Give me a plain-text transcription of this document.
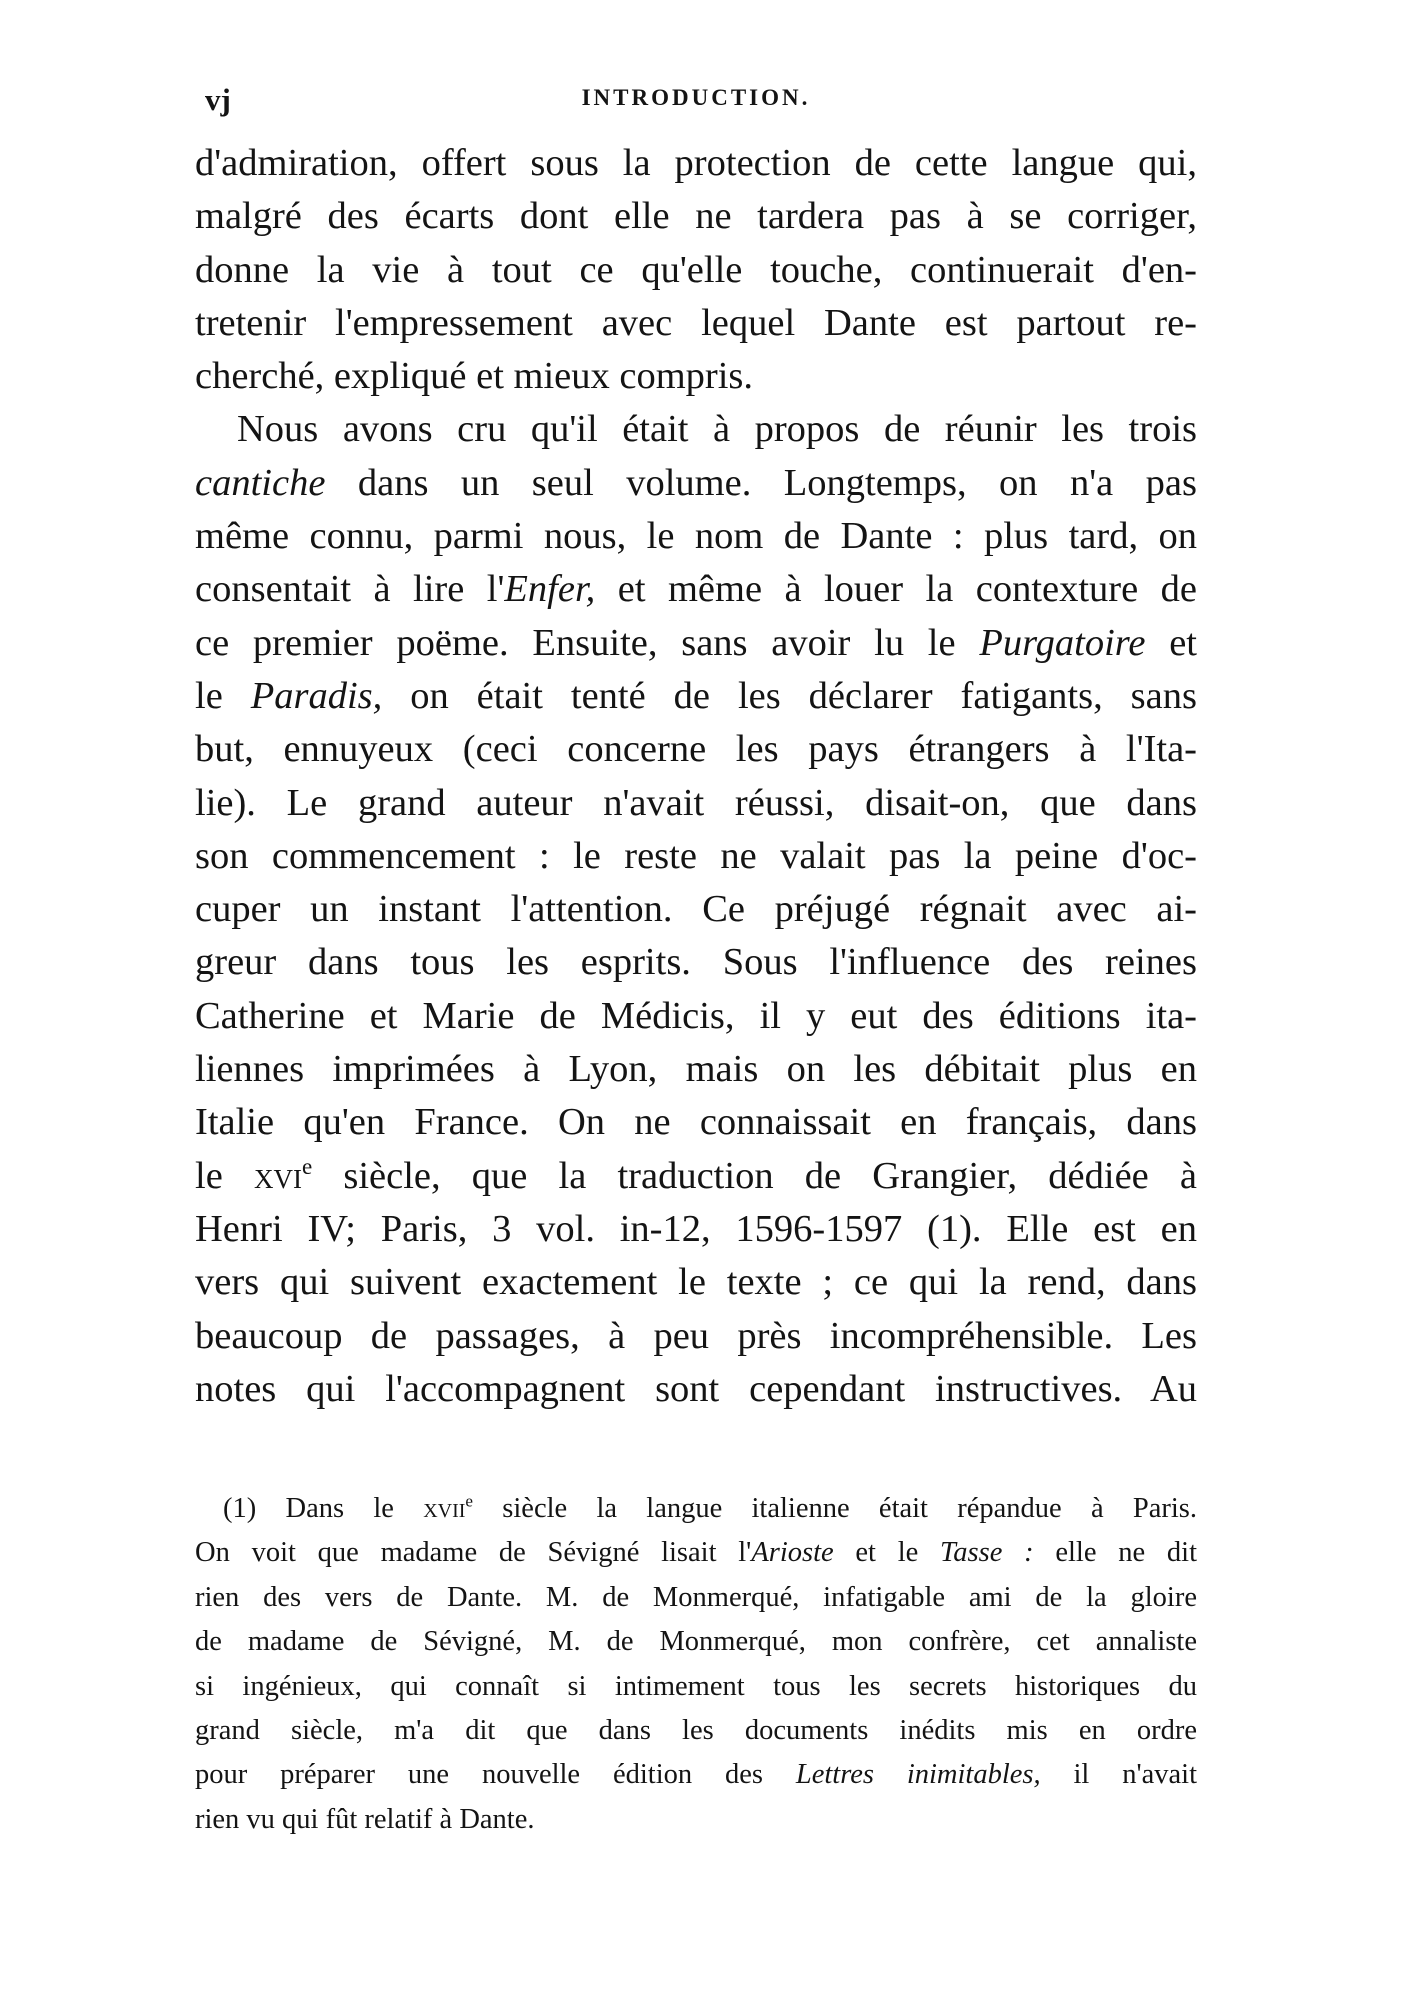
vj	INTRODUCTION.
d'admiration, offert sous la protection de cette langue qui,
malgré des écarts dont elle ne tardera pas à se corriger,
donne la vie à tout ce qu'elle touche, continuerait d'en-
tretenir l'empressement avec lequel Dante est partout re-
cherché, expliqué et mieux compris.
Nous avons cru qu'il était à propos de réunir les trois
cantiche dans un seul volume. Longtemps, on n'a pas
même connu, parmi nous, le nom de Dante : plus tard, on
consentait à lire l'Enfer, et même à louer la contexture de
ce premier poëme. Ensuite, sans avoir lu le Purgatoire et
le Paradis, on était tenté de les déclarer fatigants, sans
but, ennuyeux (ceci concerne les pays étrangers à l'Ita-
lie). Le grand auteur n'avait réussi, disait-on, que dans
son commencement : le reste ne valait pas la peine d'oc-
cuper un instant l'attention. Ce préjugé régnait avec ai-
greur dans tous les esprits. Sous l'influence des reines
Catherine et Marie de Médicis, il y eut des éditions ita-
liennes imprimées à Lyon, mais on les débitait plus en
Italie qu'en France. On ne connaissait en français, dans
le xvi$^e$ siècle, que la traduction de Grangier, dédiée à
Henri IV; Paris, 3 vol. in-12, 1596-1597 (1). Elle est en
vers qui suivent exactement le texte ; ce qui la rend, dans
beaucoup de passages, à peu près incompréhensible. Les
notes qui l'accompagnent sont cependant instructives. Au
(1) Dans le xvii$^e$ siècle la langue italienne était répandue à Paris.
On voit que madame de Sévigné lisait l'Arioste et le Tasse : elle ne dit
rien des vers de Dante. M. de Monmerqué, infatigable ami de la gloire
de madame de Sévigné, M. de Monmerqué, mon confrère, cet annaliste
si ingénieux, qui connaît si intimement tous les secrets historiques du
grand siècle, m'a dit que dans les documents inédits mis en ordre
pour préparer une nouvelle édition des Lettres inimitables, il n'avait
rien vu qui fût relatif à Dante.
